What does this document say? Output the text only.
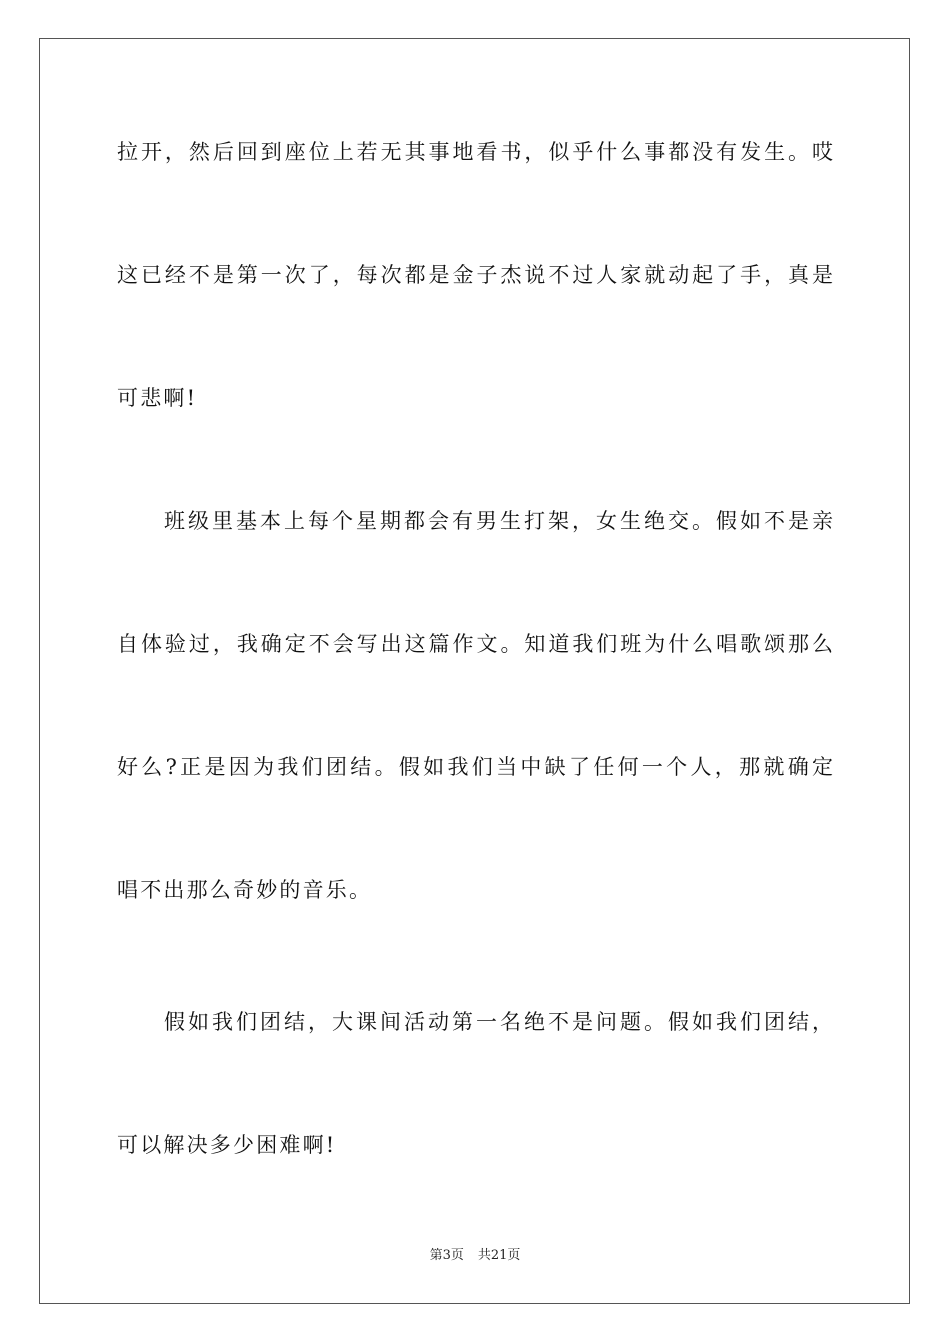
拉开，然后回到座位上若无其事地看书，似乎什么事都没有发生。哎
这已经不是第一次了，每次都是金子杰说不过人家就动起了手，真是
可悲啊!
班级里基本上每个星期都会有男生打架，女生绝交。假如不是亲
自体验过，我确定不会写出这篇作文。知道我们班为什么唱歌颂那么
好么?正是因为我们团结。假如我们当中缺了任何一个人，那就确定
唱不出那么奇妙的音乐。
假如我们团结，大课间活动第一名绝不是问题。假如我们团结，
可以解决多少困难啊!
第3页 共21页
